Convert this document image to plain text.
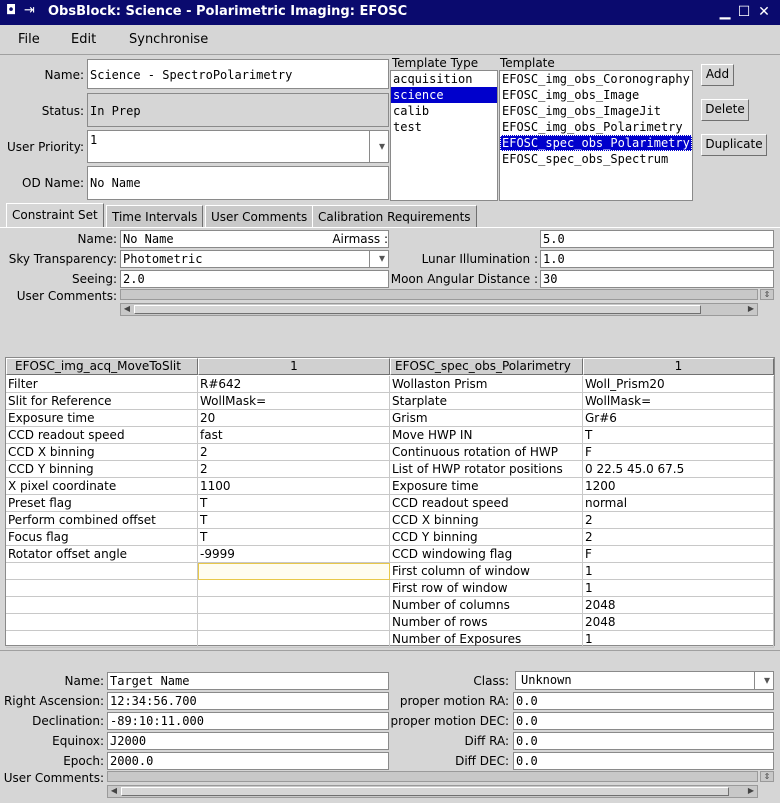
◘ ⇥ ObsBlock: Science - Polarimetric Imaging: EFOSC	▁ ☐ ✕
File Edit	Synchronise
Name: Science - SpectroPolarimetry
Status: In Prep
User Priority: 1	▼
OD Name: No Name
Template Type
acquisition
science
calib
test
Template
EFOSC_img_obs_Coronography
EFOSC_img_obs_Image
EFOSC_img_obs_ImageJit
EFOSC_img_obs_Polarimetry
EFOSC_spec_obs_Polarimetry
EFOSC_spec_obs_Spectrum
Add
Delete
Duplicate
Constraint Set	Time Intervals	User Comments Calibration Requirements
Name: No Name
Sky Transparency: Photometric	▼
Seeing: 2.0
User Comments:
◀	▶
⇕
Airmass :	5.0
Lunar Illumination : 1.0
Moon Angular Distance : 30
EFOSC_img_acq_MoveToSlit	1	EFOSC_spec_obs_Polarimetry	1
Filter	R#642	Wollaston Prism	Woll_Prism20
Slit for Reference	WollMask=	Starplate	WollMask=
Exposure time	20	Grism	Gr#6
CCD readout speed	fast	Move HWP IN	T
CCD X binning	2	Continuous rotation of HWP	F
CCD Y binning	2	List of HWP rotator positions	0 22.5 45.0 67.5
X pixel coordinate	1100	Exposure time	1200
Preset flag	T	CCD readout speed	normal
Perform combined offset	T	CCD X binning	2
Focus flag	T	CCD Y binning	2
Rotator offset angle	-9999	CCD windowing flag	F
First column of window	1
First row of window	1
Number of columns	2048
Number of rows	2048
Number of Exposures	1
Name: Target Name
Right Ascension: 12:34:56.700
Declination: -89:10:11.000
Equinox: J2000
Epoch: 2000.0
User Comments:
◀	▶
⇕
Class:	Unknown	▼
proper motion RA: 0.0
proper motion DEC: 0.0
Diff RA: 0.0
Diff DEC: 0.0
